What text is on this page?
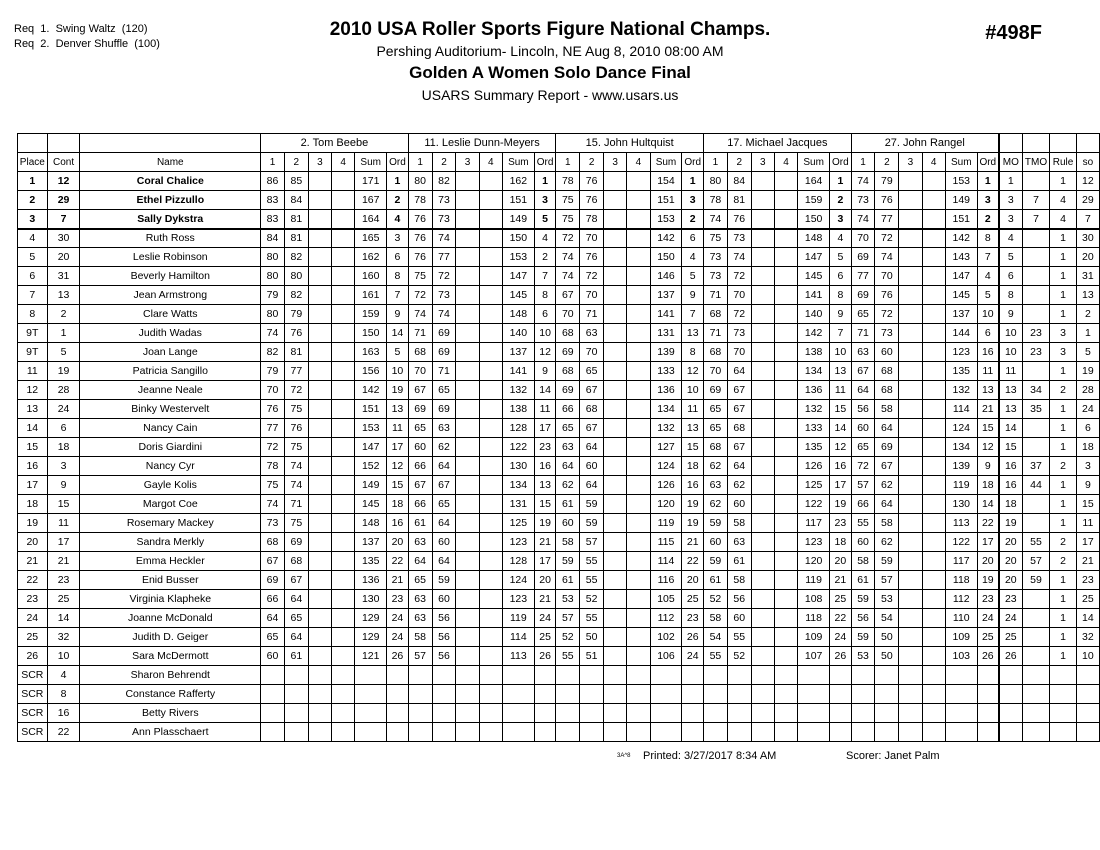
Req  1.  Swing Waltz  (120)
Req  2.  Denver Shuffle  (100)
2010 USA Roller Sports Figure National Champs.
Pershing Auditorium- Lincoln, NE Aug 8, 2010 08:00 AM
Golden A Women Solo Dance Final
USARS Summary Report - www.usars.us
#498F
			2. Tom Beebe						11. Leslie Dunn-Meyers						15. John Hultquist						17. Michael Jacques						27. John Rangel									
Place	Cont	Name	1	2	3	4	Sum	Ord	1	2	3	4	Sum	Ord	1	2	3	4	Sum	Ord	1	2	3	4	Sum	Ord	1	2	3	4	Sum	Ord	MO	TMO	Rule	so
1	12	Coral Chalice	86	85			171	1	80	82			162	1	78	76			154	1	80	84			164	1	74	79			153	1	1		1	12
2	29	Ethel Pizzullo	83	84			167	2	78	73			151	3	75	76			151	3	78	81			159	2	73	76			149	3	3	7	4	29
3	7	Sally Dykstra	83	81			164	4	76	73			149	5	75	78			153	2	74	76			150	3	74	77			151	2	3	7	4	7
4	30	Ruth Ross	84	81			165	3	76	74			150	4	72	70			142	6	75	73			148	4	70	72			142	8	4		1	30
5	20	Leslie Robinson	80	82			162	6	76	77			153	2	74	76			150	4	73	74			147	5	69	74			143	7	5		1	20
6	31	Beverly Hamilton	80	80			160	8	75	72			147	7	74	72			146	5	73	72			145	6	77	70			147	4	6		1	31
7	13	Jean Armstrong	79	82			161	7	72	73			145	8	67	70			137	9	71	70			141	8	69	76			145	5	8		1	13
8	2	Clare Watts	80	79			159	9	74	74			148	6	70	71			141	7	68	72			140	9	65	72			137	10	9		1	2
9T	1	Judith Wadas	74	76			150	14	71	69			140	10	68	63			131	13	71	73			142	7	71	73			144	6	10	23	3	1
9T	5	Joan Lange	82	81			163	5	68	69			137	12	69	70			139	8	68	70			138	10	63	60			123	16	10	23	3	5
11	19	Patricia Sangillo	79	77			156	10	70	71			141	9	68	65			133	12	70	64			134	13	67	68			135	11	11		1	19
12	28	Jeanne Neale	70	72			142	19	67	65			132	14	69	67			136	10	69	67			136	11	64	68			132	13	13	34	2	28
13	24	Binky Westervelt	76	75			151	13	69	69			138	11	66	68			134	11	65	67			132	15	56	58			114	21	13	35	1	24
14	6	Nancy Cain	77	76			153	11	65	63			128	17	65	67			132	13	65	68			133	14	60	64			124	15	14		1	6
15	18	Doris Giardini	72	75			147	17	60	62			122	23	63	64			127	15	68	67			135	12	65	69			134	12	15		1	18
16	3	Nancy Cyr	78	74			152	12	66	64			130	16	64	60			124	18	62	64			126	16	72	67			139	9	16	37	2	3
17	9	Gayle Kolis	75	74			149	15	67	67			134	13	62	64			126	16	63	62			125	17	57	62			119	18	16	44	1	9
18	15	Margot Coe	74	71			145	18	66	65			131	15	61	59			120	19	62	60			122	19	66	64			130	14	18		1	15
19	11	Rosemary Mackey	73	75			148	16	61	64			125	19	60	59			119	19	59	58			117	23	55	58			113	22	19		1	11
20	17	Sandra Merkly	68	69			137	20	63	60			123	21	58	57			115	21	60	63			123	18	60	62			122	17	20	55	2	17
21	21	Emma Heckler	67	68			135	22	64	64			128	17	59	55			114	22	59	61			120	20	58	59			117	20	20	57	2	21
22	23	Enid Busser	69	67			136	21	65	59			124	20	61	55			116	20	61	58			119	21	61	57			118	19	20	59	1	23
23	25	Virginia Klapheke	66	64			130	23	63	60			123	21	53	52			105	25	52	56			108	25	59	53			112	23	23		1	25
24	14	Joanne McDonald	64	65			129	24	63	56			119	24	57	55			112	23	58	60			118	22	56	54			110	24	24		1	14
25	32	Judith D. Geiger	65	64			129	24	58	56			114	25	52	50			102	26	54	55			109	24	59	50			109	25	25		1	32
26	10	Sara McDermott	60	61			121	26	57	56			113	26	55	51			106	24	55	52			107	26	53	50			103	26	26		1	10
SCR	4	Sharon Behrendt																																		
SCR	8	Constance Rafferty																																		
SCR	16	Betty Rivers																																		
SCR	22	Ann Plasschaert																																		
3A^8 Printed: 3/27/2017 8:34 AM	Scorer: Janet Palm
